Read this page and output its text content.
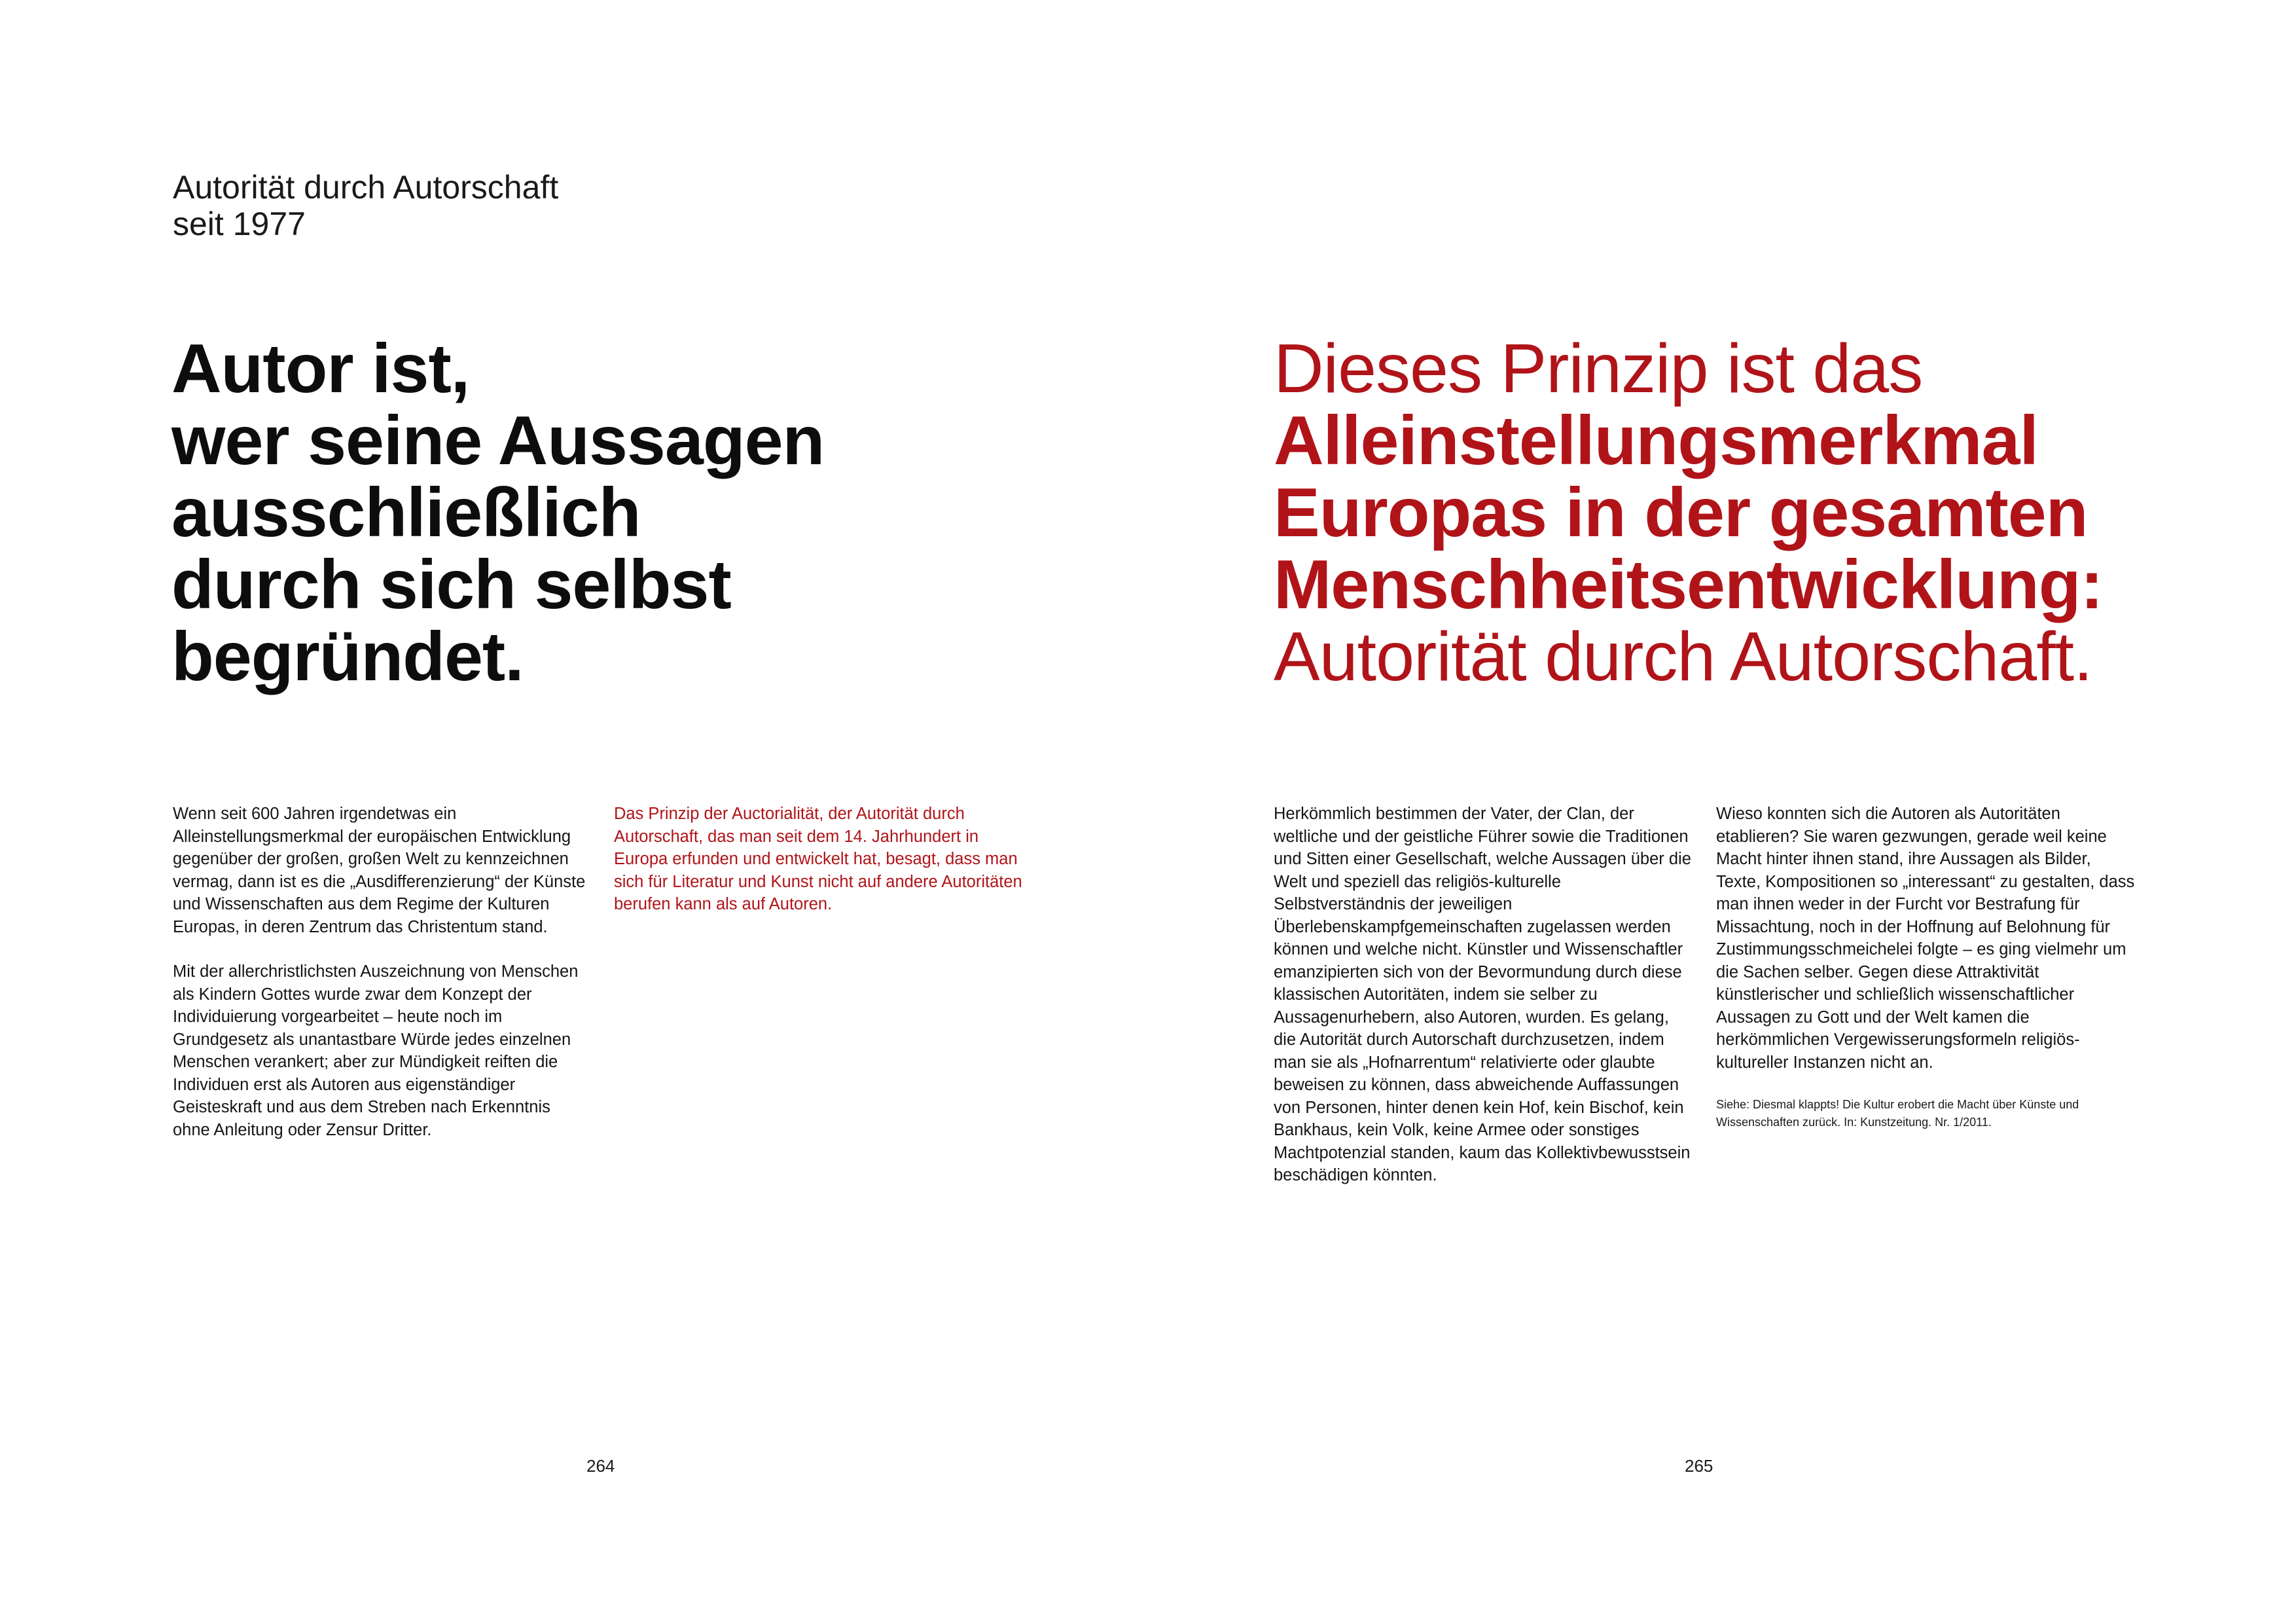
Autorität durch Autorschaft
seit 1977
Autor ist,
wer seine Aussagen
ausschließlich
durch sich selbst
begründet.

Wenn seit 600 Jahren irgendetwas ein Alleinstellungsmerkmal der europäischen Entwicklung gegenüber der großen, großen Welt zu kennzeichnen vermag, dann ist es die „Ausdifferenzierung“ der Künste und Wissenschaften aus dem Regime der Kulturen Europas, in deren Zentrum das Christentum stand.

Mit der allerchristlichsten Auszeichnung von Menschen als Kindern Gottes wurde zwar dem Konzept der Individuierung vorgearbeitet – heute noch im Grundgesetz als unantastbare Würde jedes einzelnen Menschen verankert; aber zur Mündigkeit reiften die Individuen erst als Autoren aus eigenständiger Geisteskraft und aus dem Streben nach Erkenntnis ohne Anleitung oder Zensur Dritter.

Das Prinzip der Auctorialität, der Autorität durch Autorschaft, das man seit dem 14. Jahrhundert in Europa erfunden und entwickelt hat, besagt, dass man sich für Literatur und Kunst nicht auf andere Autoritäten berufen kann als auf Autoren.

264
Dieses Prinzip ist das
Alleinstellungsmerkmal
Europas in der gesamten
Menschheitsentwicklung:
Autorität durch Autorschaft.

Herkömmlich bestimmen der Vater, der Clan, der weltliche und der geistliche Führer sowie die Traditionen und Sitten einer Gesellschaft, welche Aussagen über die Welt und speziell das religiös-kulturelle Selbstverständnis der jeweiligen Überlebenskampfgemeinschaften zugelassen werden können und welche nicht. Künstler und Wissenschaftler emanzipierten sich von der Bevormundung durch diese klassischen Autoritäten, indem sie selber zu Aussagenurhebern, also Autoren, wurden. Es gelang, die Autorität durch Autorschaft durchzusetzen, indem man sie als „Hofnarrentum“ relativierte oder glaubte beweisen zu können, dass abweichende Auffassungen von Personen, hinter denen kein Hof, kein Bischof, kein Bankhaus, kein Volk, keine Armee oder sonstiges Machtpotenzial standen, kaum das Kollektivbewusstsein beschädigen könnten.

Wieso konnten sich die Autoren als Autoritäten etablieren? Sie waren gezwungen, gerade weil keine Macht hinter ihnen stand, ihre Aussagen als Bilder, Texte, Kompositionen so „interessant“ zu gestalten, dass man ihnen weder in der Furcht vor Bestrafung für Missachtung, noch in der Hoffnung auf Belohnung für Zustimmungsschmeichelei folgte – es ging vielmehr um die Sachen selber. Gegen diese Attraktivität künstlerischer und schließlich wissenschaftlicher Aussagen zu Gott und der Welt kamen die herkömmlichen Vergewisserungsformeln religiös-kultureller Instanzen nicht an.

Siehe: Diesmal klappts! Die Kultur erobert die Macht über Künste und Wissenschaften zurück. In: Kunstzeitung. Nr. 1/2011.
265
